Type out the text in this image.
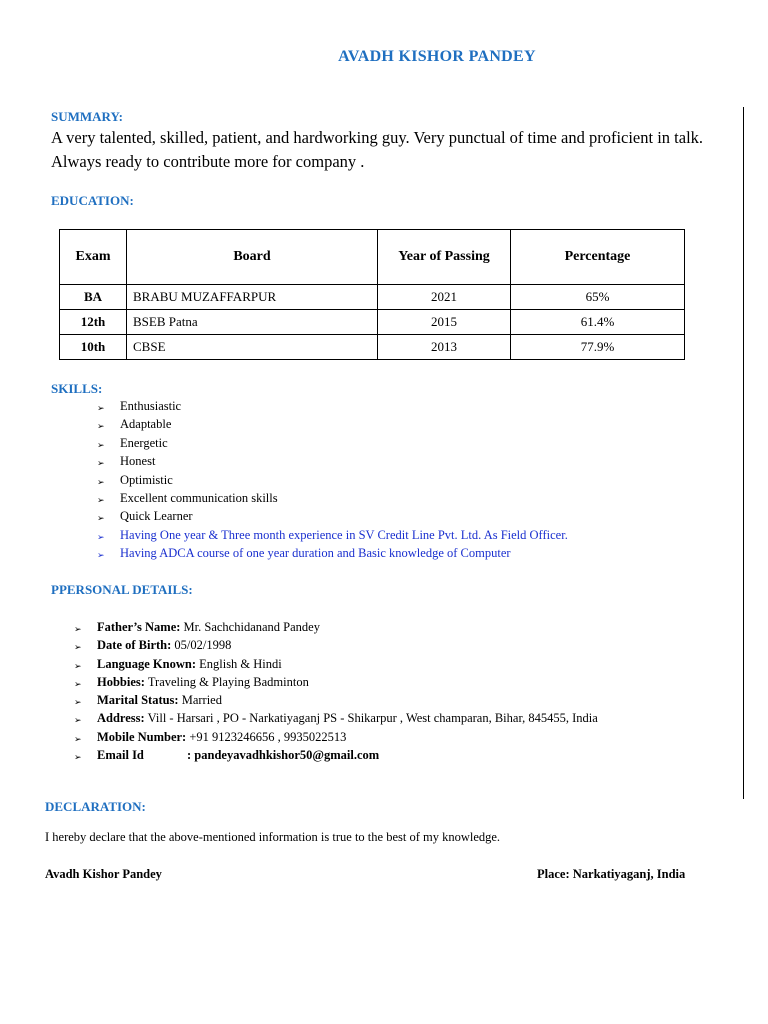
AVADH KISHOR PANDEY
SUMMARY:
A very talented, skilled, patient, and hardworking guy. Very punctual of time and proficient in talk. Always ready to contribute more for company .
EDUCATION:
Exam	Board	Year of Passing	Percentage
BA	BRABU MUZAFFARPUR	2021	65%
12th	BSEB Patna	2015	61.4%
10th	CBSE	2013	77.9%
SKILLS:
➢ Enthusiastic
➢ Adaptable
➢ Energetic
➢ Honest
➢ Optimistic
➢ Excellent communication skills
➢ Quick Learner
➢ Having One year & Three month experience in SV Credit Line Pvt. Ltd. As Field Officer.
➢ Having ADCA course of one year duration and Basic knowledge of Computer
PPERSONAL DETAILS:
➢ Father’s Name: Mr. Sachchidanand Pandey
➢ Date of Birth: 05/02/1998
➢ Language Known: English & Hindi
➢ Hobbies: Traveling & Playing Badminton
➢ Marital Status: Married
➢ Address: Vill - Harsari , PO - Narkatiyaganj PS - Shikarpur , West champaran, Bihar, 845455, India
➢ Mobile Number: +91 9123246656 , 9935022513
➢ Email Id	: pandeyavadhkishor50@gmail.com
DECLARATION:
I hereby declare that the above-mentioned information is true to the best of my knowledge.
Avadh Kishor Pandey	Place: Narkatiyaganj, India
